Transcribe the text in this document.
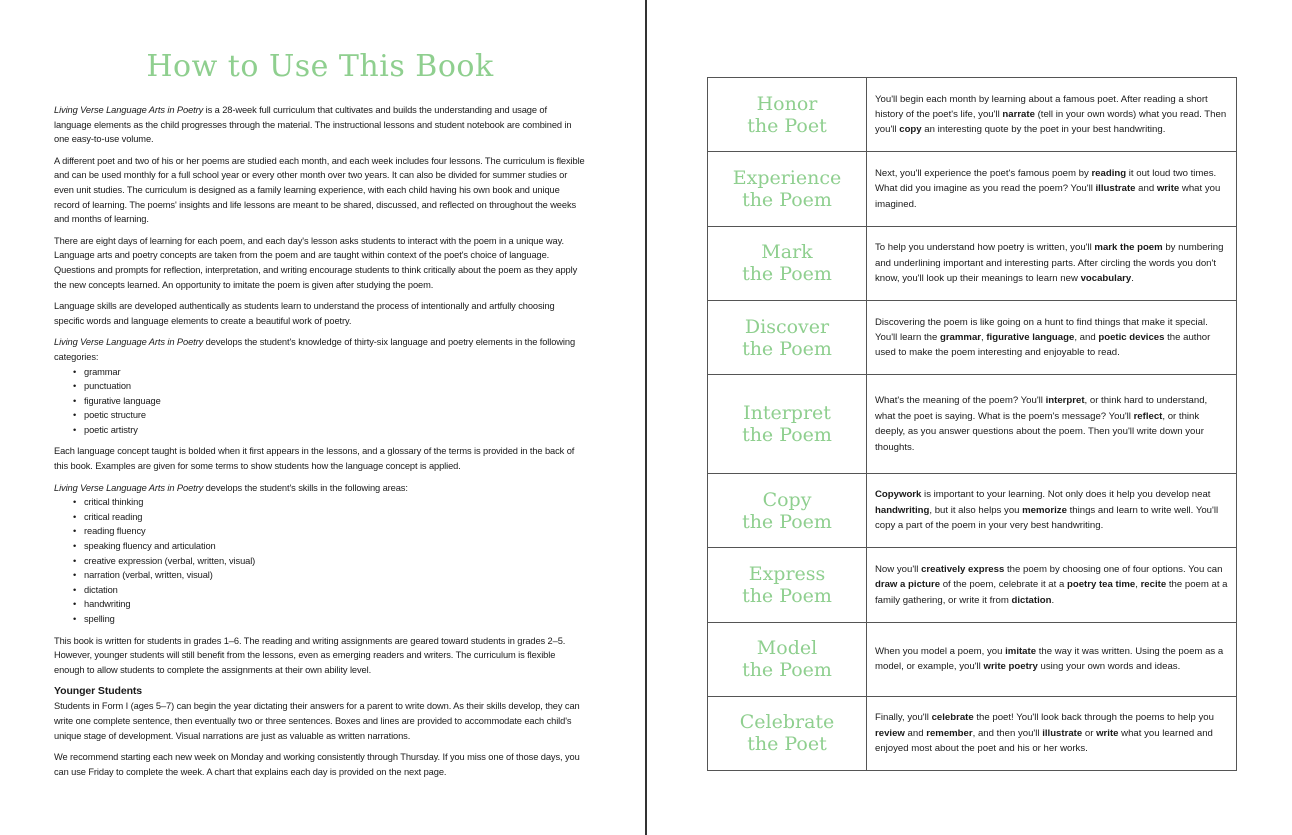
How to Use This Book

Living Verse Language Arts in Poetry is a 28-week full curriculum that cultivates and builds the understanding and usage of language elements as the child progresses through the material. The instructional lessons and student notebook are combined in one easy-to-use volume.

A different poet and two of his or her poems are studied each month, and each week includes four lessons. The curriculum is flexible and can be used monthly for a full school year or every other month over two years. It can also be divided for summer studies or even unit studies. The curriculum is designed as a family learning experience, with each child having his own book and unique record of learning. The poems' insights and life lessons are meant to be shared, discussed, and reflected on throughout the weeks and months of learning.

There are eight days of learning for each poem, and each day's lesson asks students to interact with the poem in a unique way. Language arts and poetry concepts are taken from the poem and are taught within context of the poet's choice of language. Questions and prompts for reflection, interpretation, and writing encourage students to think critically about the poem as they apply the new concepts learned. An opportunity to imitate the poem is given after studying the poem.

Language skills are developed authentically as students learn to understand the process of intentionally and artfully choosing specific words and language elements to create a beautiful work of poetry.

Living Verse Language Arts in Poetry develops the student's knowledge of thirty-six language and poetry elements in the following categories:

• grammar
• punctuation
• figurative language
• poetic structure
• poetic artistry

Each language concept taught is bolded when it first appears in the lessons, and a glossary of the terms is provided in the back of this book. Examples are given for some terms to show students how the language concept is applied.

Living Verse Language Arts in Poetry develops the student's skills in the following areas:

• critical thinking
• critical reading
• reading fluency
• speaking fluency and articulation
• creative expression (verbal, written, visual)
• narration (verbal, written, visual)
• dictation
• handwriting
• spelling

This book is written for students in grades 1–6. The reading and writing assignments are geared toward students in grades 2–5. However, younger students will still benefit from the lessons, even as emerging readers and writers. The curriculum is flexible enough to allow students to complete the assignments at their own ability level.

Younger Students

Students in Form I (ages 5–7) can begin the year dictating their answers for a parent to write down. As their skills develop, they can write one complete sentence, then eventually two or three sentences. Boxes and lines are provided to accommodate each child's unique stage of development. Visual narrations are just as valuable as written narrations.

We recommend starting each new week on Monday and working consistently through Thursday. If you miss one of those days, you can use Friday to complete the week. A chart that explains each day is provided on the next page.

Honor
the Poet	You'll begin each month by learning about a famous poet. After reading a short history of the poet's life, you'll narrate (tell in your own words) what you read. Then you'll copy an interesting quote by the poet in your best handwriting.

Experience
the Poem	Next, you'll experience the poet's famous poem by reading it out loud two times. What did you imagine as you read the poem? You'll illustrate and write what you imagined.

Mark
the Poem	To help you understand how poetry is written, you'll mark the poem by numbering and underlining important and interesting parts. After circling the words you don't know, you'll look up their meanings to learn new vocabulary.

Discover
the Poem	Discovering the poem is like going on a hunt to find things that make it special. You'll learn the grammar, figurative language, and poetic devices the author used to make the poem interesting and enjoyable to read.

Interpret
the Poem	What's the meaning of the poem? You'll interpret, or think hard to understand, what the poet is saying. What is the poem's message? You'll reflect, or think deeply, as you answer questions about the poem. Then you'll write down your thoughts.

Copy
the Poem	Copywork is important to your learning. Not only does it help you develop neat handwriting, but it also helps you memorize things and learn to write well. You'll copy a part of the poem in your very best handwriting.

Express
the Poem	Now you'll creatively express the poem by choosing one of four options. You can draw a picture of the poem, celebrate it at a poetry tea time, recite the poem at a family gathering, or write it from dictation.

Model
the Poem	When you model a poem, you imitate the way it was written. Using the poem as a model, or example, you'll write poetry using your own words and ideas.

Celebrate
the Poet	Finally, you'll celebrate the poet! You'll look back through the poems to help you review and remember, and then you'll illustrate or write what you learned and enjoyed most about the poet and his or her works.
